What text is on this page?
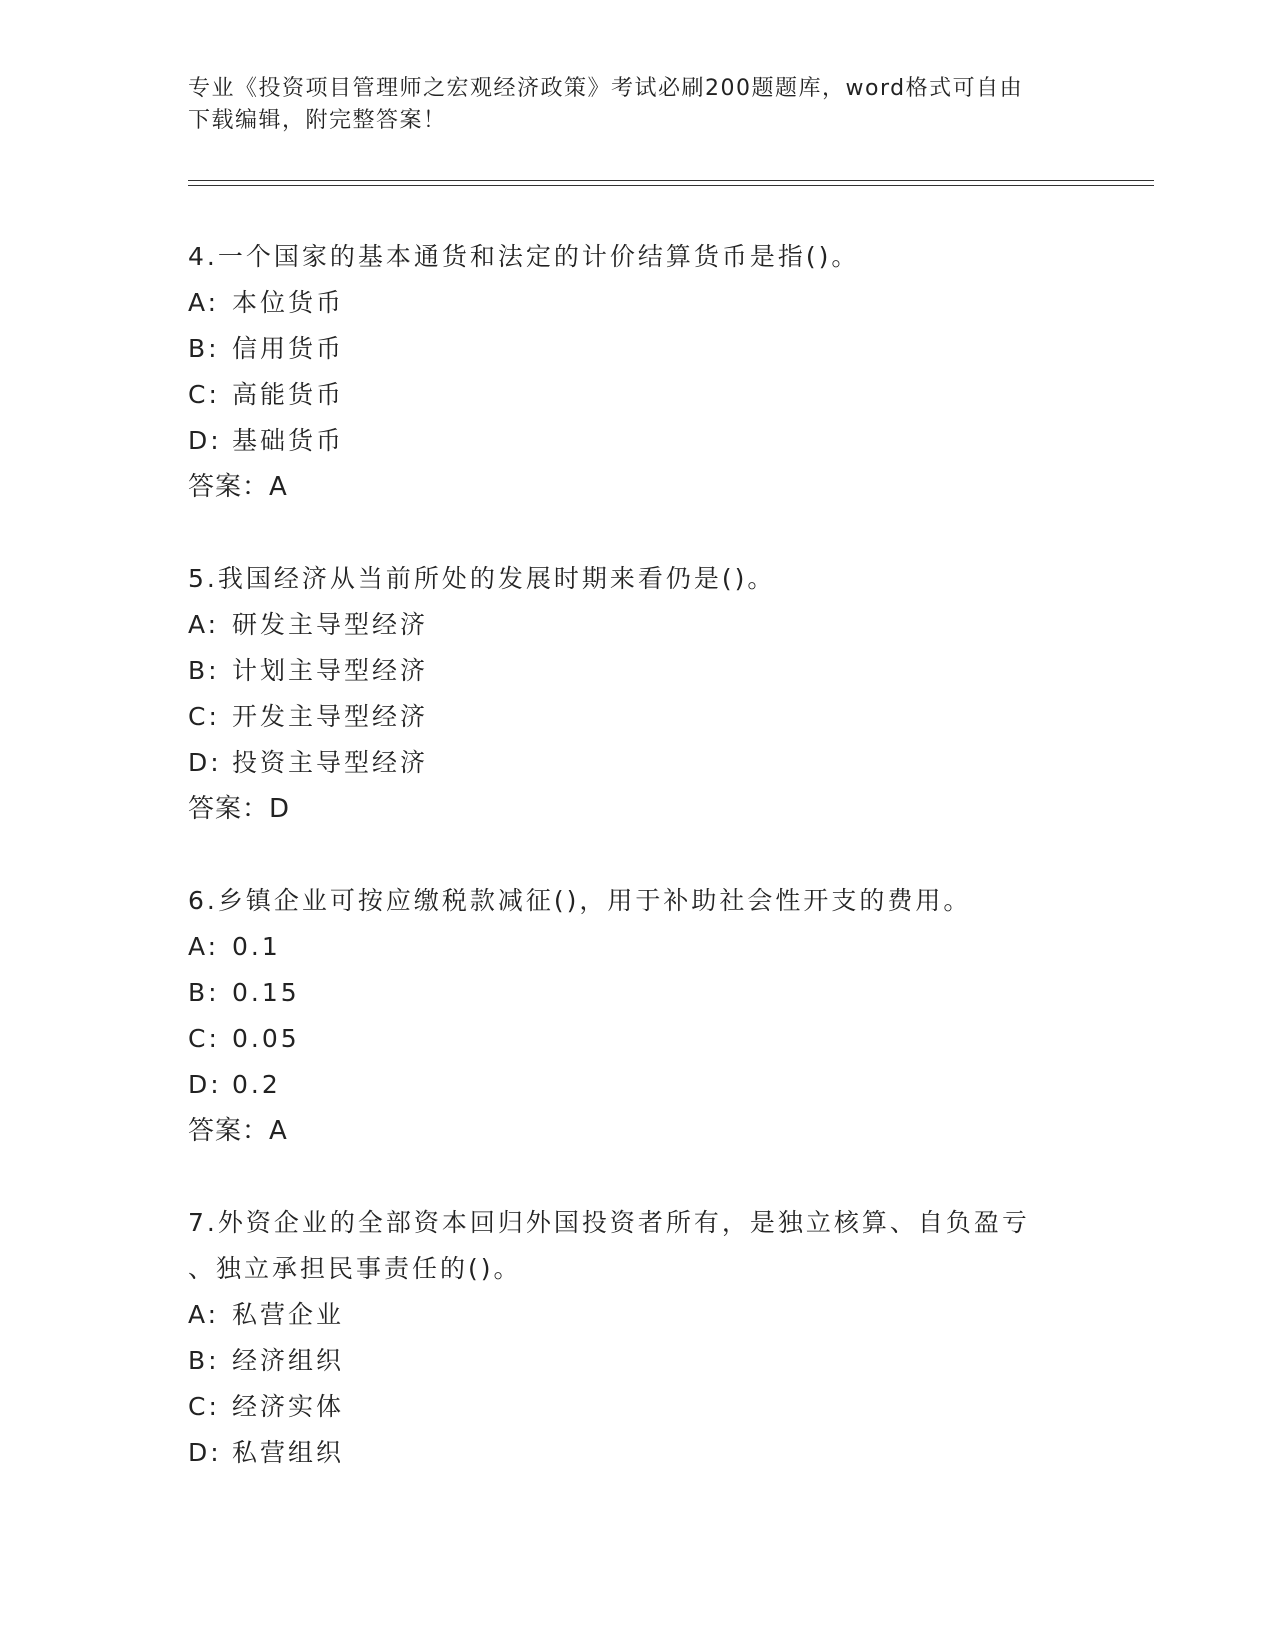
专业《投资项目管理师之宏观经济政策》考试必刷200题题库，word格式可自由
下载编辑，附完整答案！
4.一个国家的基本通货和法定的计价结算货币是指()。
A: 本位货币
B: 信用货币
C: 高能货币
D: 基础货币
答案：A
5.我国经济从当前所处的发展时期来看仍是()。
A: 研发主导型经济
B: 计划主导型经济
C: 开发主导型经济
D: 投资主导型经济
答案：D
6.乡镇企业可按应缴税款减征()，用于补助社会性开支的费用。
A: 0.1
B: 0.15
C: 0.05
D: 0.2
答案：A
7.外资企业的全部资本回归外国投资者所有，是独立核算、自负盈亏
、独立承担民事责任的()。
A: 私营企业
B: 经济组织
C: 经济实体
D: 私营组织
